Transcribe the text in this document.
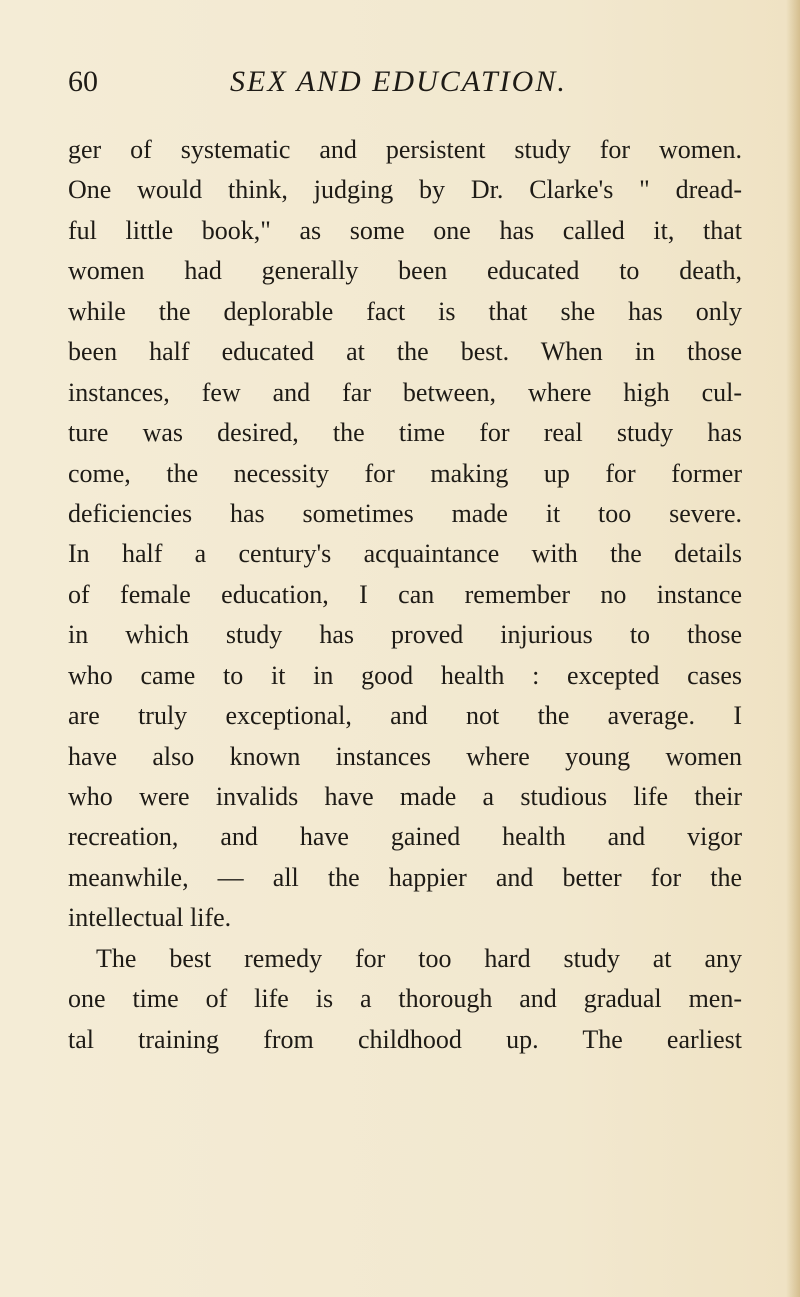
60	SEX AND EDUCATION.
ger of systematic and persistent study for women.
One would think, judging by Dr. Clarke's " dread-
ful little book," as some one has called it, that
women had generally been educated to death,
while the deplorable fact is that she has only
been half educated at the best. When in those
instances, few and far between, where high cul-
ture was desired, the time for real study has
come, the necessity for making up for former
deficiencies has sometimes made it too severe.
In half a century's acquaintance with the details
of female education, I can remember no instance
in which study has proved injurious to those
who came to it in good health : excepted cases
are truly exceptional, and not the average. I
have also known instances where young women
who were invalids have made a studious life their
recreation, and have gained health and vigor
meanwhile, — all the happier and better for the
intellectual life.
The best remedy for too hard study at any
one time of life is a thorough and gradual men-
tal training from childhood up. The earliest
